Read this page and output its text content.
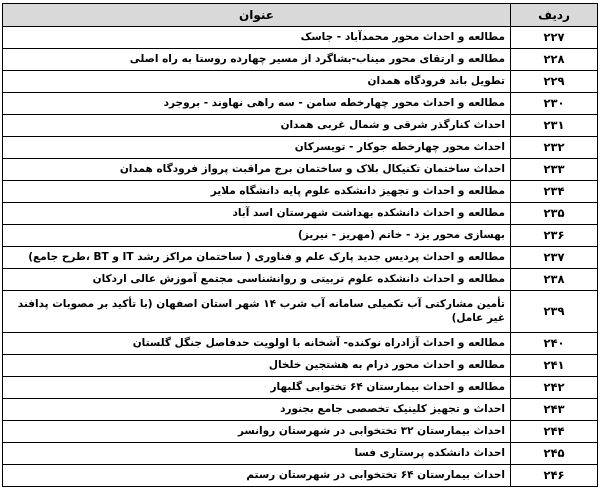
ردیف	عنوان
۲۲۷	مطالعه و احداث محور محمدآباد - جاسک
۲۲۸	مطالعه و ارتقای محور میناب-بشاگرد از مسیر چهارده روستا به راه اصلی
۲۲۹	تطویل باند فرودگاه همدان
۲۳۰	مطالعه و احداث محور چهارخطه سامن - سه راهی نهاوند - بروجرد
۲۳۱	احداث کنارگذر شرقی و شمال غربی همدان
۲۳۲	احداث محور چهارخطه جوکار - تویسرکان
۲۳۳	احداث ساختمان تکنیکال بلاک و ساختمان برج مراقبت پرواز فرودگاه همدان
۲۳۴	مطالعه و احداث و تجهیز دانشکده علوم پایه دانشگاه ملایر
۲۳۵	مطالعه و احداث دانشکده بهداشت شهرستان اسد آباد
۲۳۶	بهسازی محور یزد - خاتم (مهریز - نیریز)
۲۳۷	مطالعه و احداث پردیس جدید پارک علم و فناوری ( ساختمان مراکز رشد IT و BT ،طرح جامع)
۲۳۸	مطالعه و احداث دانشکده علوم تربیتی و روانشناسی مجتمع آموزش عالی اردکان
۲۳۹	تأمین مشارکتی آب تکمیلی سامانه آب شرب ۱۴ شهر استان اصفهان (با تأکید بر مصوبات پدافند غیر عامل)
۲۴۰	مطالعه و احداث آزادراه نوکنده- آشخانه با اولویت حدفاصل جنگل گلستان
۲۴۱	مطالعه و احداث محور درام به هشتجین خلخال
۲۴۲	مطالعه و احداث بیمارستان ۶۴ تختوابی گلبهار
۲۴۳	احداث و تجهیز کلینیک تخصصی جامع بجنورد
۲۴۴	احداث بیمارستان ۳۲ تختخوابی در شهرستان روانسر
۲۴۵	احداث دانشکده پرستاری فسا
۲۴۶	احداث بیمارستان ۶۴ تختخوابی در شهرستان رستم
